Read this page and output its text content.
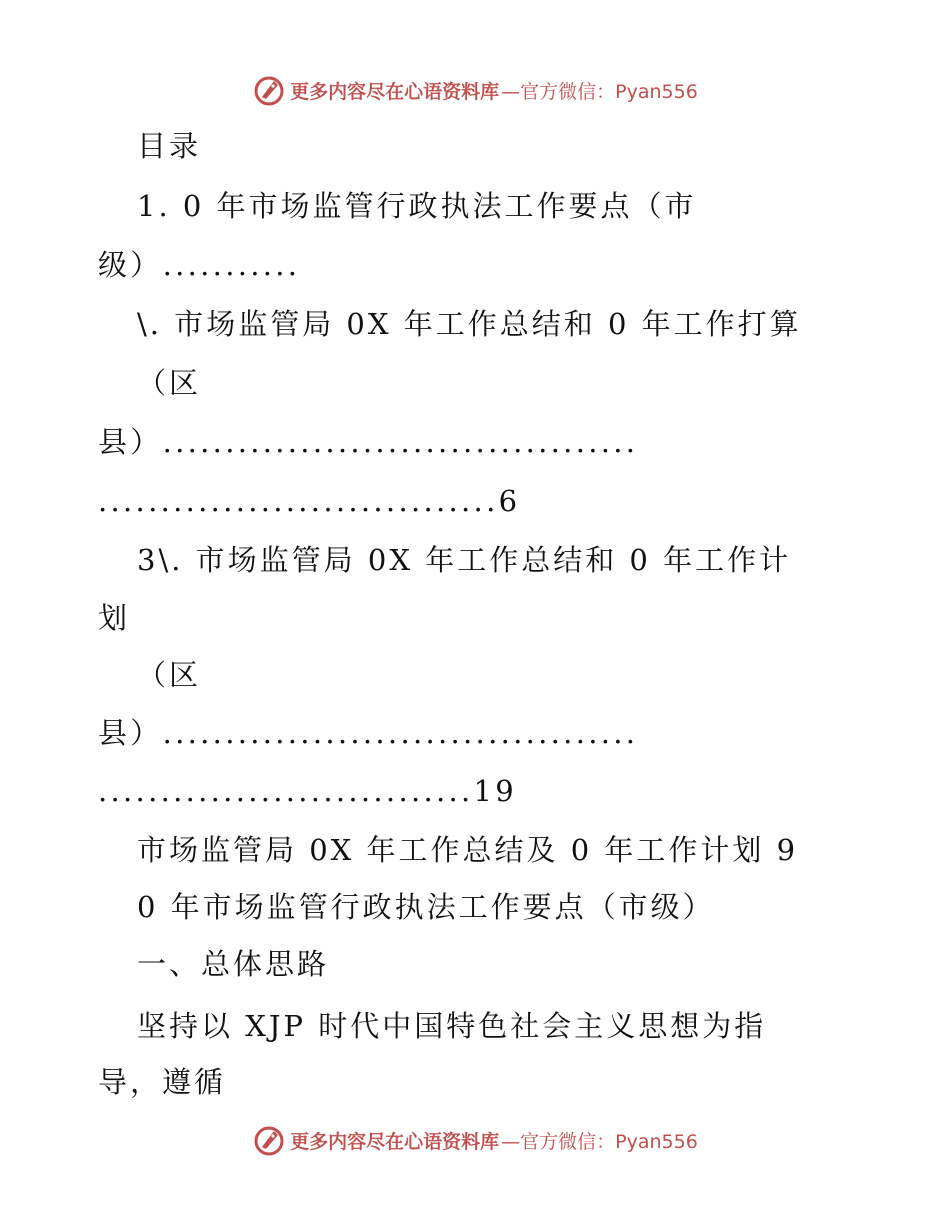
更多内容尽在心语资料库 —官方微信：Pyan556
目录
1. 0 年市场监管行政执法工作要点（市
级）...........
\. 市场监管局 0X 年工作总结和 0 年工作打算
（区
县）......................................
................................6
3\. 市场监管局 0X 年工作总结和 0 年工作计
划
（区
县）......................................
..............................19
市场监管局 0X 年工作总结及 0 年工作计划 9
0 年市场监管行政执法工作要点（市级）
一、总体思路
坚持以 XJP 时代中国特色社会主义思想为指
导，遵循
更多内容尽在心语资料库 —官方微信：Pyan556
